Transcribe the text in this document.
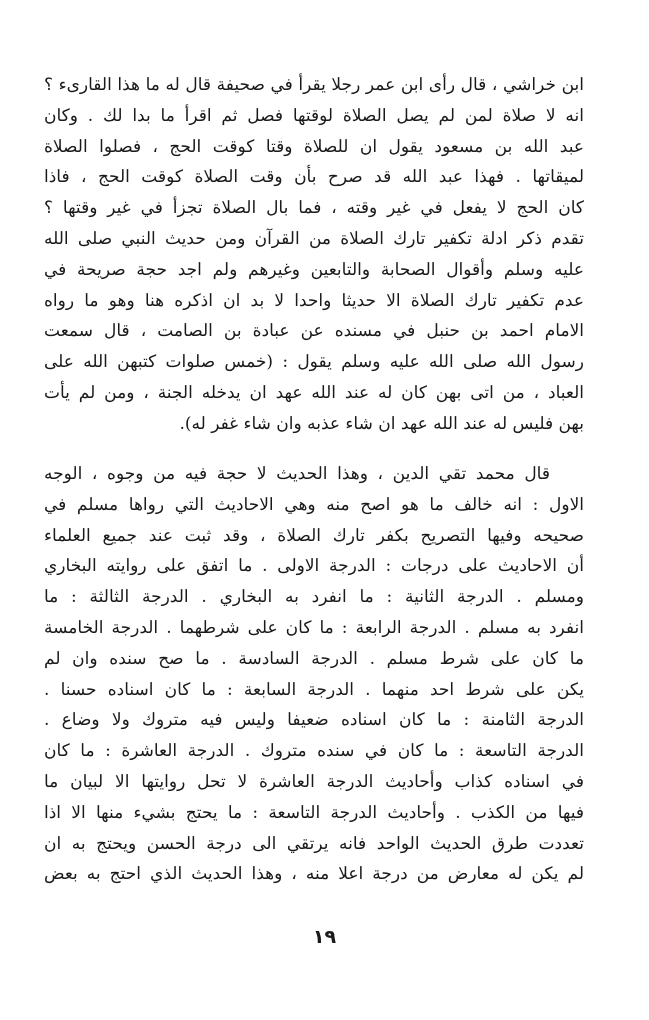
ابن خراشي ، قال رأى ابن عمر رجلا يقرأ في صحيفة قال له ما هذا القارىء ؟
انه لا صلاة لمن لم يصل الصلاة لوقتها فصل ثم اقرأ ما بدا لك . وكان
عبد الله بن مسعود يقول ان للصلاة وقتا كوقت الحج ، فصلوا الصلاة
لميقاتها . فهذا عبد الله قد صرح بأن وقت الصلاة كوقت الحج ، فاذا
كان الحج لا يفعل في غير وقته ، فما بال الصلاة تجزأ في غير وقتها ؟
تقدم ذكر ادلة تكفير تارك الصلاة من القرآن ومن حديث النبي صلى الله
عليه وسلم وأقوال الصحابة والتابعين وغيرهم ولم اجد حجة صريحة في
عدم تكفير تارك الصلاة الا حديثا واحدا لا بد ان اذكره هنا وهو ما رواه
الامام احمد بن حنبل في مسنده عن عبادة بن الصامت ، قال سمعت
رسول الله صلى الله عليه وسلم يقول : (خمس صلوات كتبهن الله على
العباد ، من اتى بهن كان له عند الله عهد ان يدخله الجنة ، ومن لم يأت
بهن فليس له عند الله عهد ان شاء عذبه وان شاء غفر له).
قال محمد تقي الدين ، وهذا الحديث لا حجة فيه من وجوه ، الوجه
الاول : انه خالف ما هو اصح منه وهي الاحاديث التي رواها مسلم في
صحيحه وفيها التصريح بكفر تارك الصلاة ، وقد ثبت عند جميع العلماء
أن الاحاديث على درجات : الدرجة الاولى . ما اتفق على روايته البخاري
ومسلم . الدرجة الثانية : ما انفرد به البخاري . الدرجة الثالثة : ما
انفرد به مسلم . الدرجة الرابعة : ما كان على شرطهما . الدرجة الخامسة
ما كان على شرط مسلم . الدرجة السادسة . ما صح سنده وان لم
يكن على شرط احد منهما . الدرجة السابعة : ما كان اسناده حسنا .
الدرجة الثامنة : ما كان اسناده ضعيفا وليس فيه متروك ولا وضاع .
الدرجة التاسعة : ما كان في سنده متروك . الدرجة العاشرة : ما كان
في اسناده كذاب وأحاديث الدرجة العاشرة لا تحل روايتها الا لبيان ما
فيها من الكذب . وأحاديث الدرجة التاسعة : ما يحتج بشيء منها الا اذا
تعددت طرق الحديث الواحد فانه يرتقي الى درجة الحسن ويحتج به ان
لم يكن له معارض من درجة اعلا منه ، وهذا الحديث الذي احتج به بعض
١٩
